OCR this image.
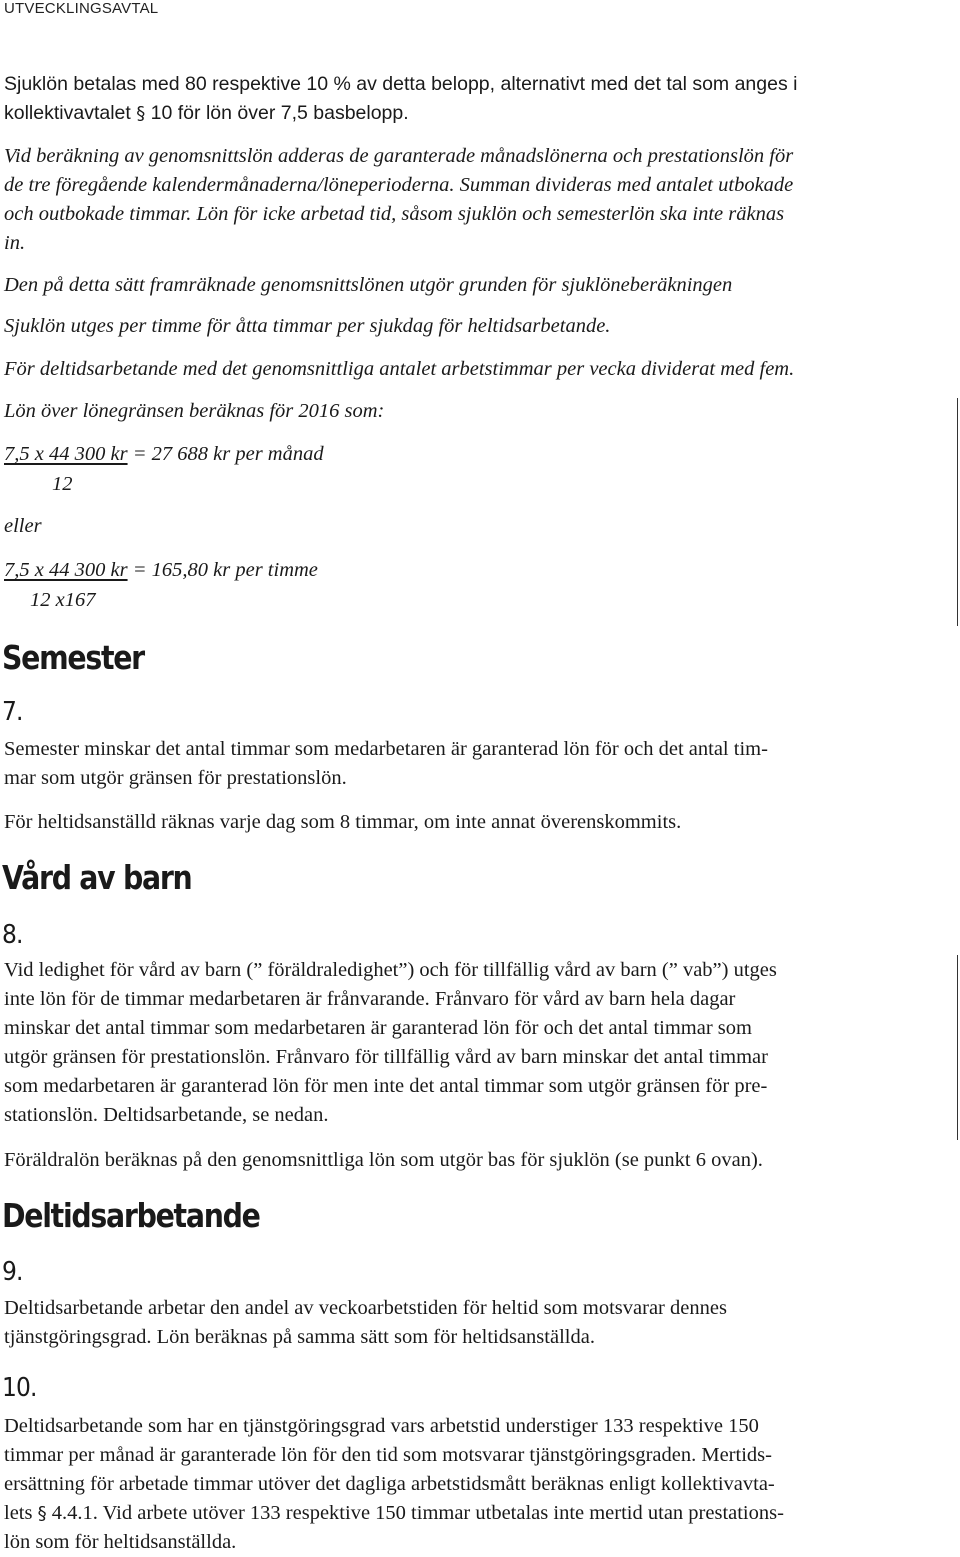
UTVECKLINGSAVTAL
Sjuklön betalas med 80 respektive 10 % av detta belopp, alternativt med det tal som anges i
kollektivavtalet § 10 för lön över 7,5 basbelopp.
Vid beräkning av genomsnittslön adderas de garanterade månadslönerna och prestationslön för
de tre föregående kalendermånaderna/löneperioderna. Summan divideras med antalet utbokade
och outbokade timmar. Lön för icke arbetad tid, såsom sjuklön och semesterlön ska inte räknas
in.
Den på detta sätt framräknade genomsnittslönen utgör grunden för sjuklöneberäkningen
Sjuklön utges per timme för åtta timmar per sjukdag för heltidsarbetande.
För deltidsarbetande med det genomsnittliga antalet arbetstimmar per vecka dividerat med fem.
Lön över lönegränsen beräknas för 2016 som:
7,5 x 44 300 kr = 27 688 kr per månad
12
eller
7,5 x 44 300 kr = 165,80 kr per timme
12 x167
Semester
7.
Semester minskar det antal timmar som medarbetaren är garanterad lön för och det antal tim-
mar som utgör gränsen för prestationslön.
För heltidsanställd räknas varje dag som 8 timmar, om inte annat överenskommits.
Vård av barn
8.
Vid ledighet för vård av barn (” föräldraledighet”) och för tillfällig vård av barn (” vab”) utges
inte lön för de timmar medarbetaren är frånvarande. Frånvaro för vård av barn hela dagar
minskar det antal timmar som medarbetaren är garanterad lön för och det antal timmar som
utgör gränsen för prestationslön. Frånvaro för tillfällig vård av barn minskar det antal timmar
som medarbetaren är garanterad lön för men inte det antal timmar som utgör gränsen för pre-
stationslön. Deltidsarbetande, se nedan.
Föräldralön beräknas på den genomsnittliga lön som utgör bas för sjuklön (se punkt 6 ovan).
Deltidsarbetande
9.
Deltidsarbetande arbetar den andel av veckoarbetstiden för heltid som motsvarar dennes
tjänstgöringsgrad. Lön beräknas på samma sätt som för heltidsanställda.
10.
Deltidsarbetande som har en tjänstgöringsgrad vars arbetstid understiger 133 respektive 150
timmar per månad är garanterade lön för den tid som motsvarar tjänstgöringsgraden. Mertids-
ersättning för arbetade timmar utöver det dagliga arbetstidsmått beräknas enligt kollektivavta-
lets § 4.4.1. Vid arbete utöver 133 respektive 150 timmar utbetalas inte mertid utan prestations-
lön som för heltidsanställda.
